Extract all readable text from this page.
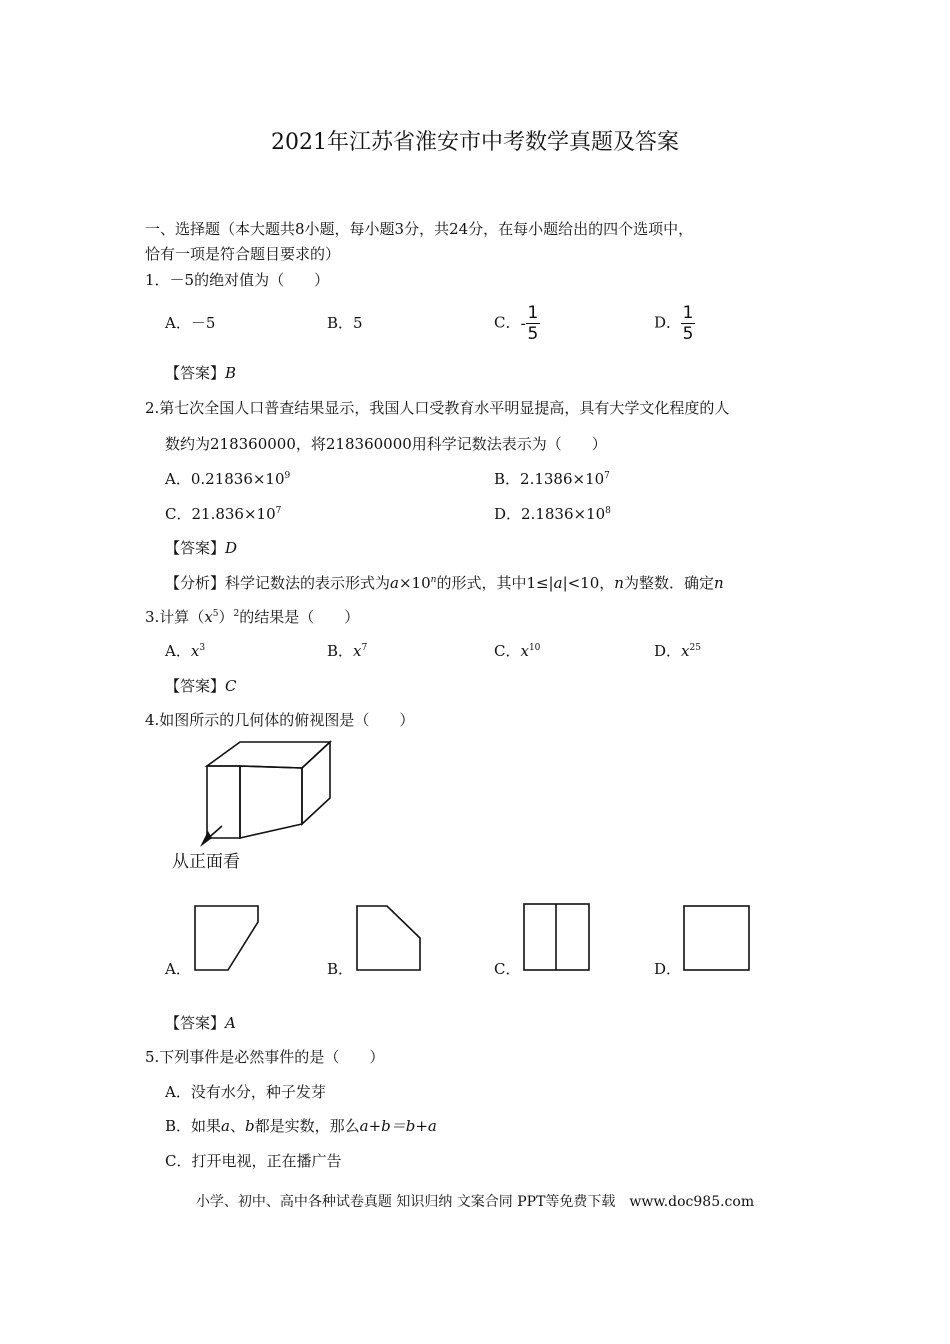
2021年江苏省淮安市中考数学真题及答案
一、选择题（本大题共8小题，每小题3分，共24分，在每小题给出的四个选项中，
恰有一项是符合题目要求的）
1．－5的绝对值为（　　）
A．－5	B．5	C．- $\frac{1}{5}$	D． $\frac{1}{5}$
【答案】B
2.第七次全国人口普查结果显示，我国人口受教育水平明显提高，具有大学文化程度的人
数约为218360000，将218360000用科学记数法表示为（　　）
A．$0.21836\times 10^9$	B．$2.1386\times 10^7$
C．$21.836\times 10^7$	D．$2.1836\times 10^8$
【答案】D
【分析】科学记数法的表示形式为$a\times 10^n$的形式，其中1≤|a|<10，n为整数．确定n
3.计算$(x^5)^2$的结果是（　　）
A．$x^3$	B．$x^7$	C．$x^{10}$	D．$x^{25}$
【答案】C
4.如图所示的几何体的俯视图是（　　）
从正面看
A．	B．	C．	D．
【答案】A
5.下列事件是必然事件的是（　　）
A．没有水分，种子发芽
B．如果a、b都是实数，那么a+b＝b+a
C．打开电视，正在播广告
小学、初中、高中各种试卷真题 知识归纳 文案合同 PPT等免费下载　www.doc985.com
